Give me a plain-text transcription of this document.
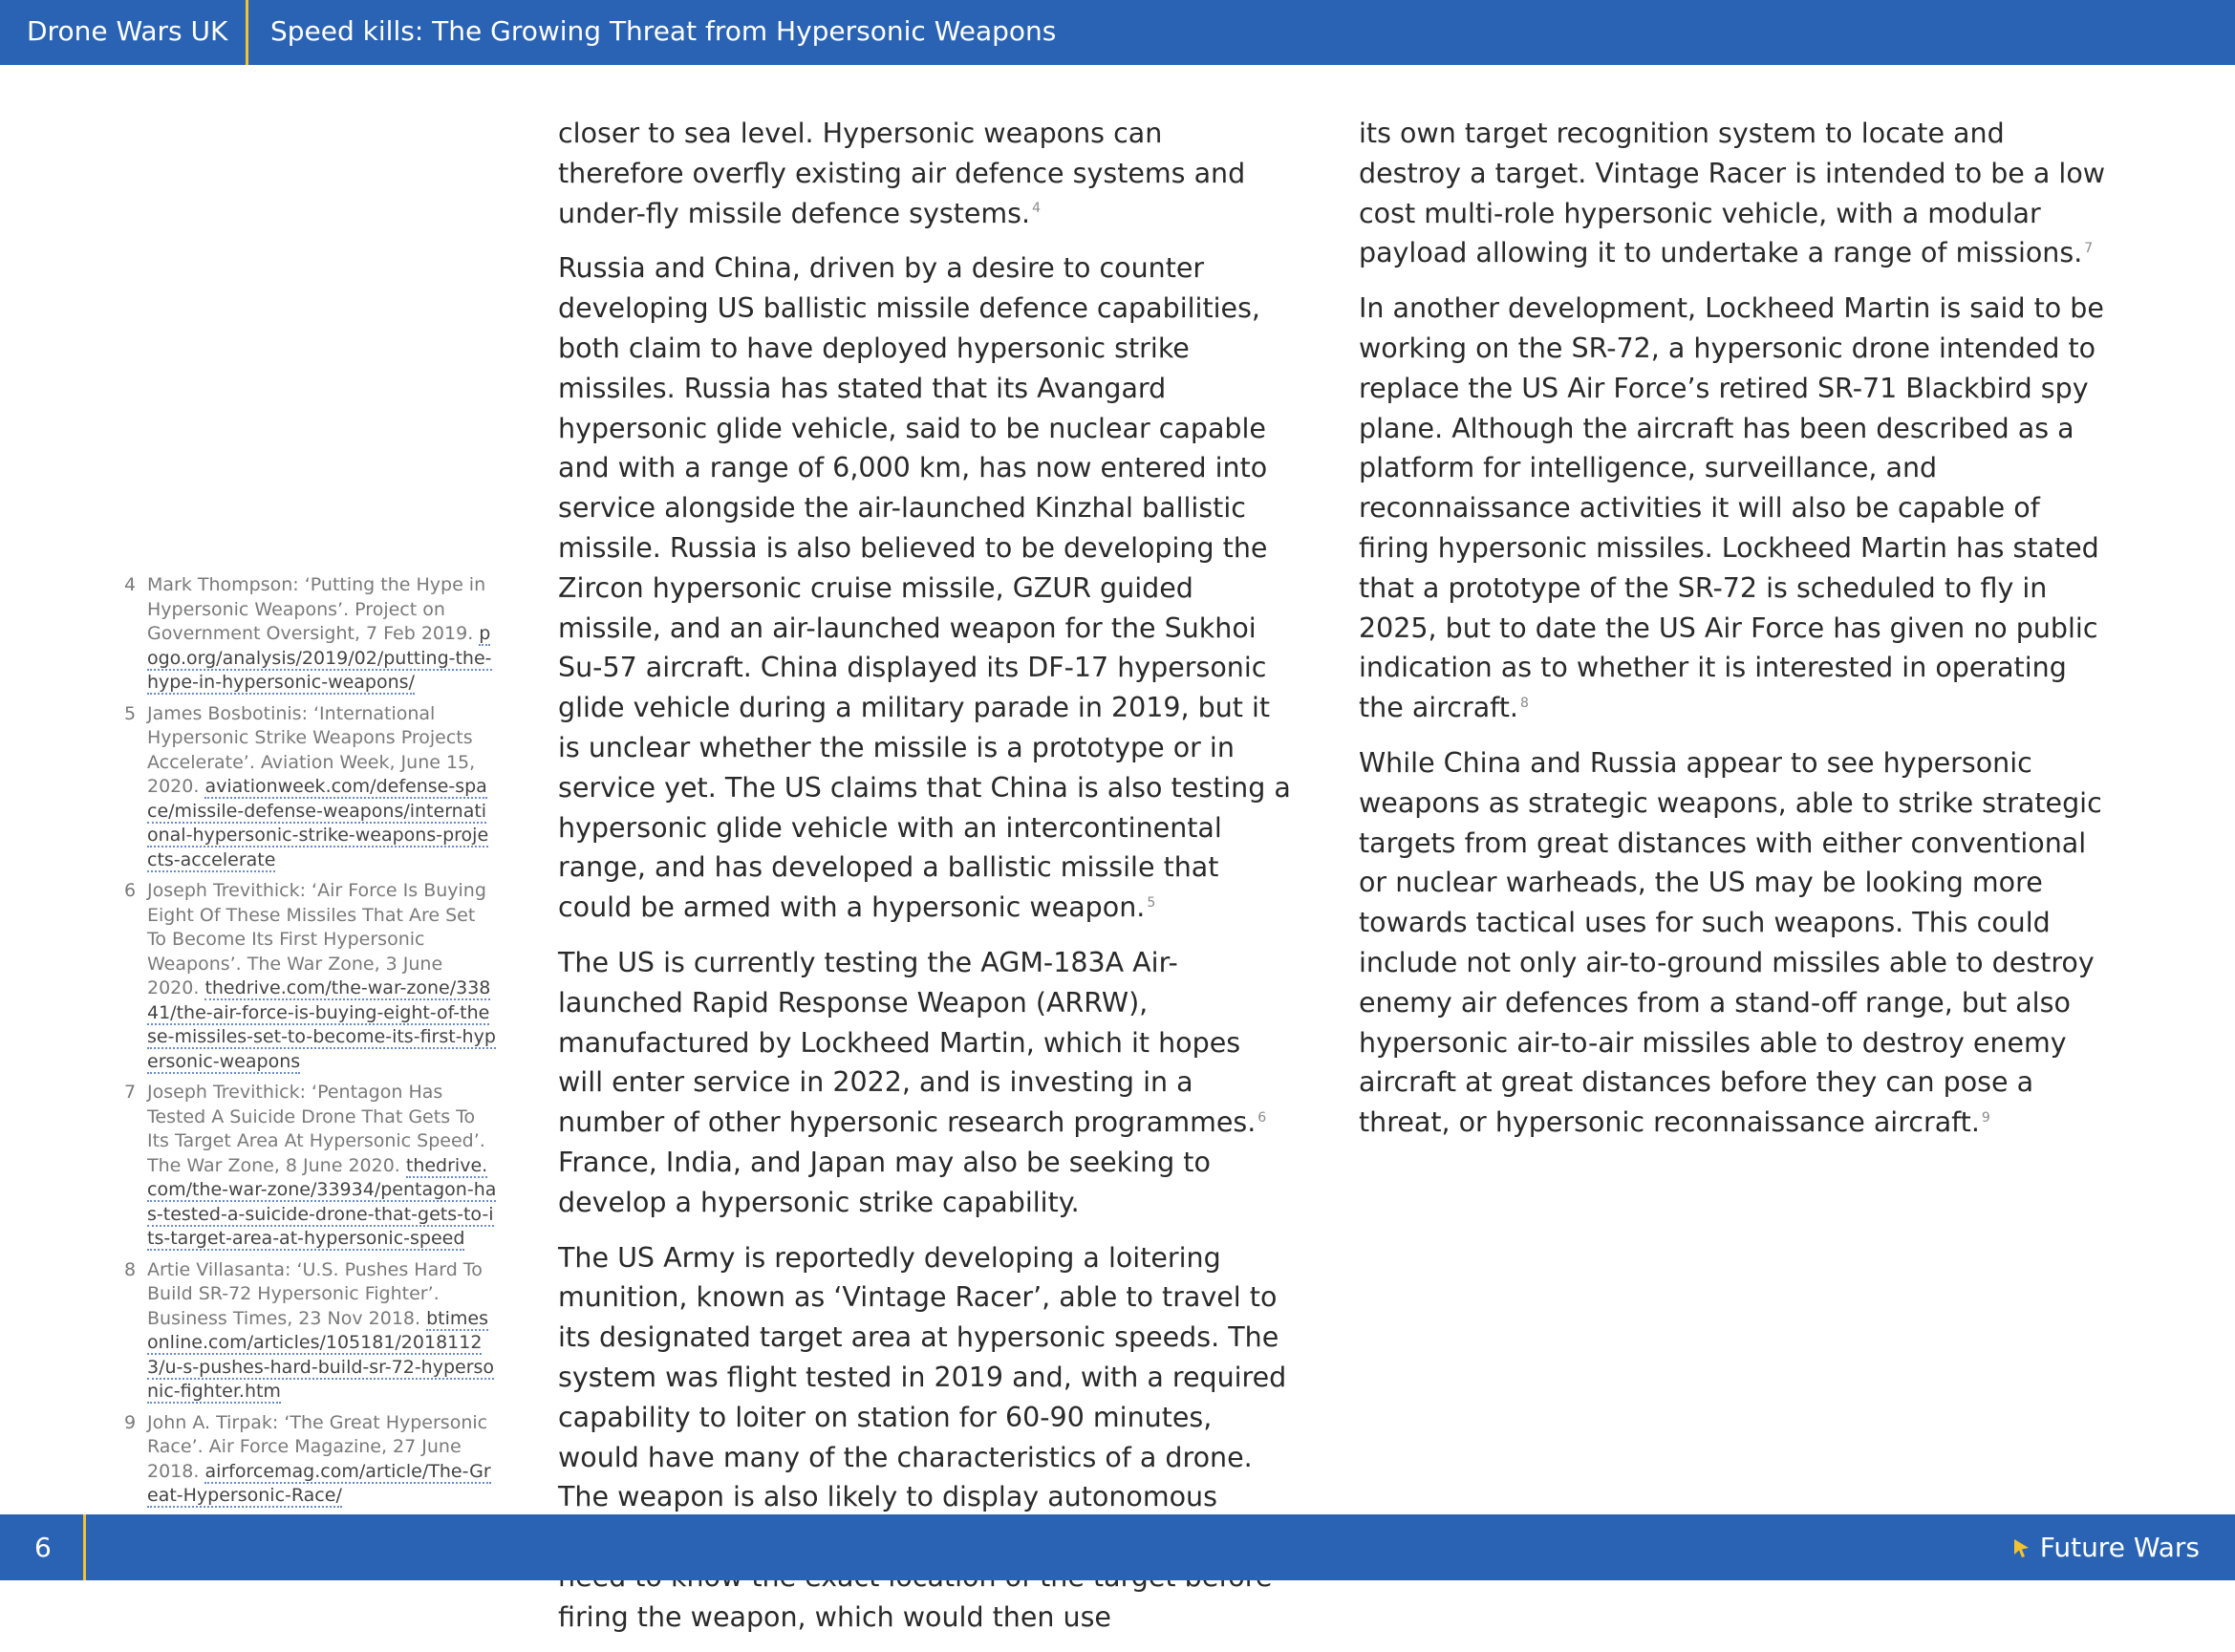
Drone Wars UK Speed kills: The Growing Threat from Hypersonic Weapons
4 Mark Thompson: ‘Putting the Hype in Hypersonic Weapons’. Project on Government Oversight, 7 Feb 2019. pogo.org/analysis/2019/02/putting-the-hype-in-hypersonic-weapons/
5 James Bosbotinis: ‘International Hypersonic Strike Weapons Projects Accelerate’. Aviation Week, June 15, 2020. aviationweek.com/defense-space/missile-defense-weapons/international-hypersonic-strike-weapons-projects-accelerate
6 Joseph Trevithick: ‘Air Force Is Buying Eight Of These Missiles That Are Set To Become Its First Hypersonic Weapons’. The War Zone, 3 June 2020. thedrive.com/the-war-zone/33841/the-air-force-is-buying-eight-of-these-missiles-set-to-become-its-first-hypersonic-weapons
7 Joseph Trevithick: ‘Pentagon Has Tested A Suicide Drone That Gets To Its Target Area At Hypersonic Speed’. The War Zone, 8 June 2020. thedrive.com/the-war-zone/33934/pentagon-has-tested-a-suicide-drone-that-gets-to-its-target-area-at-hypersonic-speed
8 Artie Villasanta: ‘U.S. Pushes Hard To Build SR-72 Hypersonic Fighter’. Business Times, 23 Nov 2018. btimesonline.com/articles/105181/20181123/u-s-pushes-hard-build-sr-72-hypersonic-fighter.htm
9 John A. Tirpak: ‘The Great Hypersonic Race’. Air Force Magazine, 27 June 2018. airforcemag.com/article/The-Great-Hypersonic-Race/

closer to sea level. Hypersonic weapons can therefore overfly existing air defence systems and under-fly missile defence systems. $^4$

Russia and China, driven by a desire to counter developing US ballistic missile defence capabilities, both claim to have deployed hypersonic strike missiles. Russia has stated that its Avangard hypersonic glide vehicle, said to be nuclear capable and with a range of 6,000 km, has now entered into service alongside the air-launched Kinzhal ballistic missile. Russia is also believed to be developing the Zircon hypersonic cruise missile, GZUR guided missile, and an air-launched weapon for the Sukhoi Su-57 aircraft. China displayed its DF-17 hypersonic glide vehicle during a military parade in 2019, but it is unclear whether the missile is a prototype or in service yet. The US claims that China is also testing a hypersonic glide vehicle with an intercontinental range, and has developed a ballistic missile that could be armed with a hypersonic weapon. $^5$

The US is currently testing the AGM-183A Air-launched Rapid Response Weapon (ARRW), manufactured by Lockheed Martin, which it hopes will enter service in 2022, and is investing in a number of other hypersonic research programmes. $^6$ France, India, and Japan may also be seeking to develop a hypersonic strike capability.

The US Army is reportedly developing a loitering munition, known as ‘Vintage Racer’, able to travel to its designated target area at hypersonic speeds. The system was flight tested in 2019 and, with a required capability to loiter on station for 60-90 minutes, would have many of the characteristics of a drone. The weapon is also likely to display autonomous firing the weapon, which would then use

its own target recognition system to locate and destroy a target. Vintage Racer is intended to be a low cost multi-role hypersonic vehicle, with a modular payload allowing it to undertake a range of missions. $^7$

In another development, Lockheed Martin is said to be working on the SR-72, a hypersonic drone intended to replace the US Air Force’s retired SR-71 Blackbird spy plane. Although the aircraft has been described as a platform for intelligence, surveillance, and reconnaissance activities it will also be capable of firing hypersonic missiles. Lockheed Martin has stated that a prototype of the SR-72 is scheduled to fly in 2025, but to date the US Air Force has given no public indication as to whether it is interested in operating the aircraft. $^8$

While China and Russia appear to see hypersonic weapons as strategic weapons, able to strike strategic targets from great distances with either conventional or nuclear warheads, the US may be looking more towards tactical uses for such weapons. This could include not only air-to-ground missiles able to destroy enemy air defences from a stand-off range, but also hypersonic air-to-air missiles able to destroy enemy aircraft at great distances before they can pose a threat, or hypersonic reconnaissance aircraft. $^9$

6	Future Wars
